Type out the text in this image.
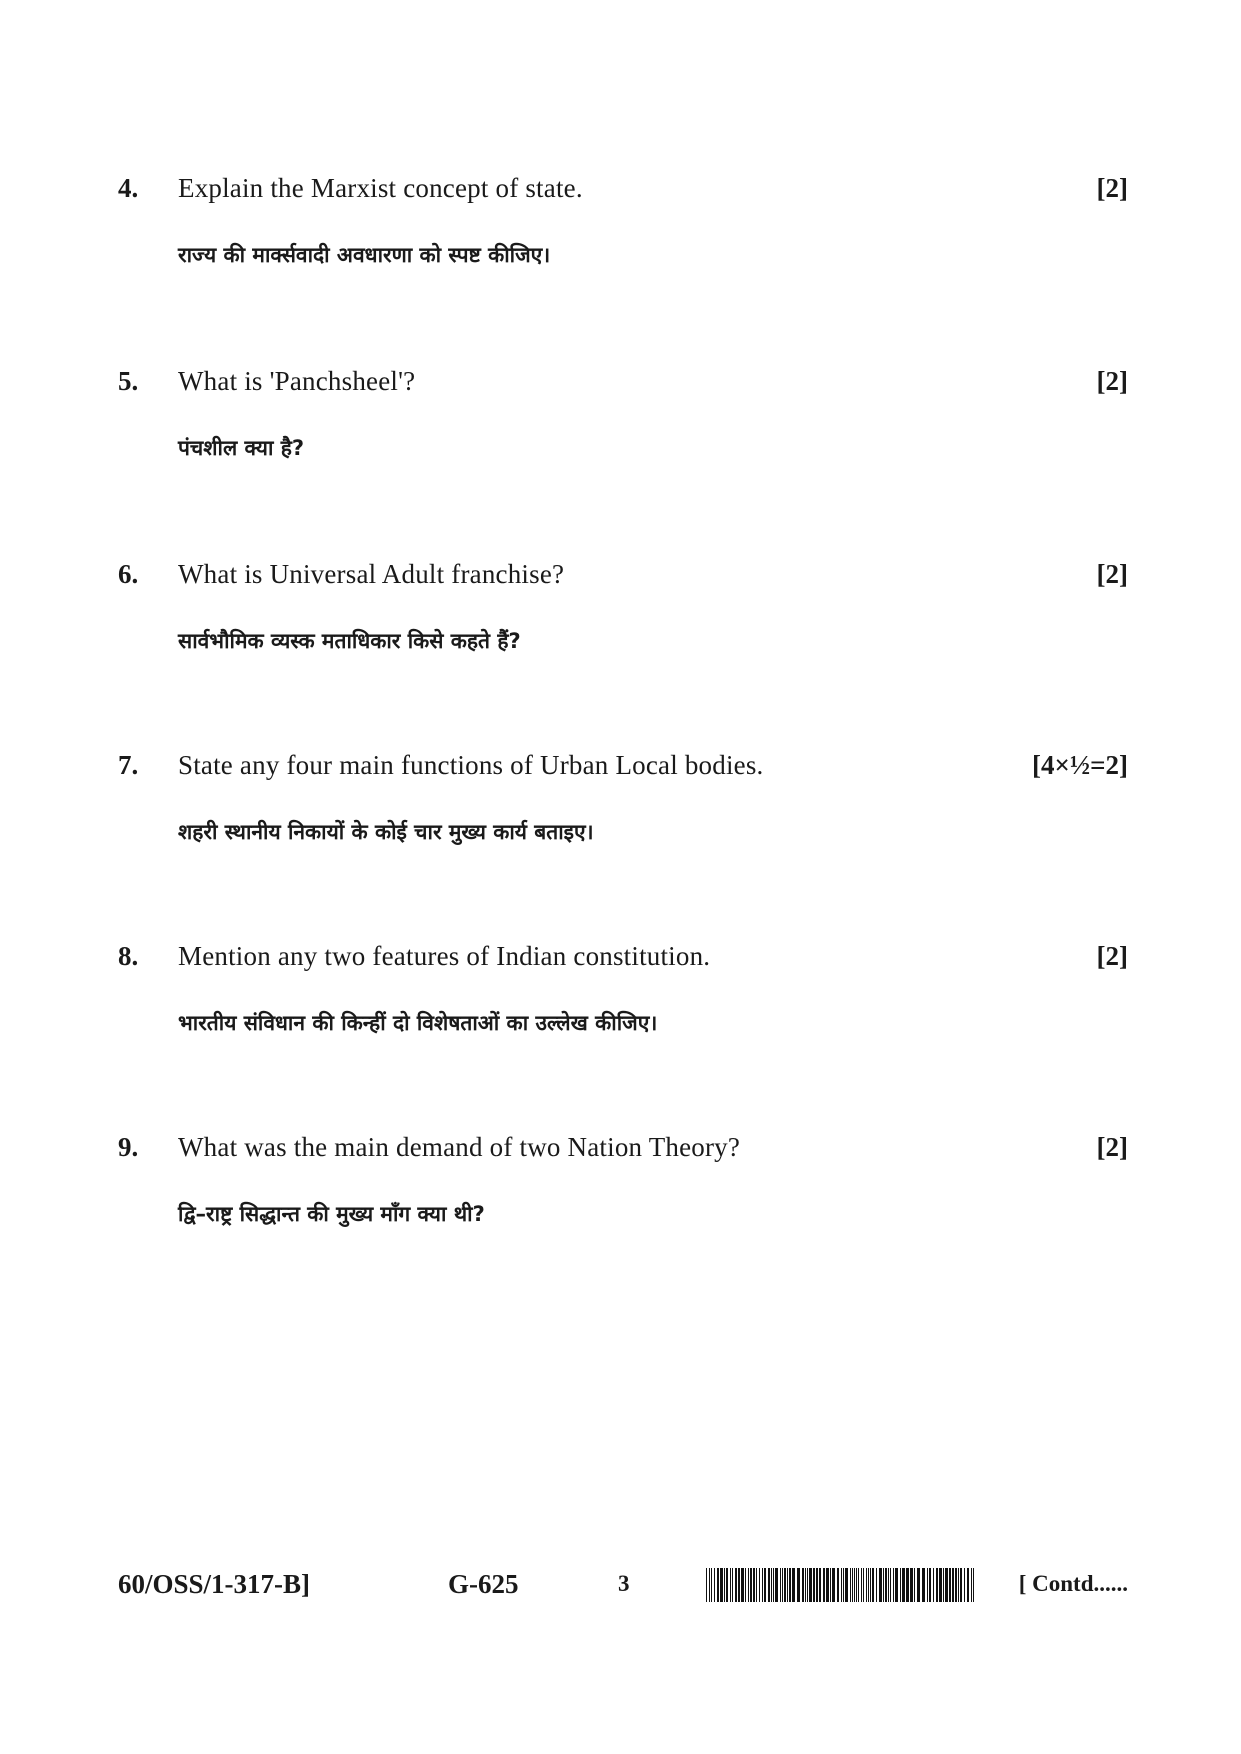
4. Explain the Marxist concept of state.	[2]
राज्य की मार्क्सवादी अवधारणा को स्पष्ट कीजिए।
5. What is 'Panchsheel'?	[2]
पंचशील क्या है?
6. What is Universal Adult franchise?	[2]
सार्वभौमिक व्यस्क मताधिकार किसे कहते हैं?
7. State any four main functions of Urban Local bodies.	[4×½=2]
शहरी स्थानीय निकायों के कोई चार मुख्य कार्य बताइए।
8. Mention any two features of Indian constitution.	[2]
भारतीय संविधान की किन्हीं दो विशेषताओं का उल्लेख कीजिए।
9. What was the main demand of two Nation Theory?	[2]
द्वि–राष्ट्र सिद्धान्त की मुख्य माँग क्या थी?
60/OSS/1-317-B]	G-625	3	[ Contd......
